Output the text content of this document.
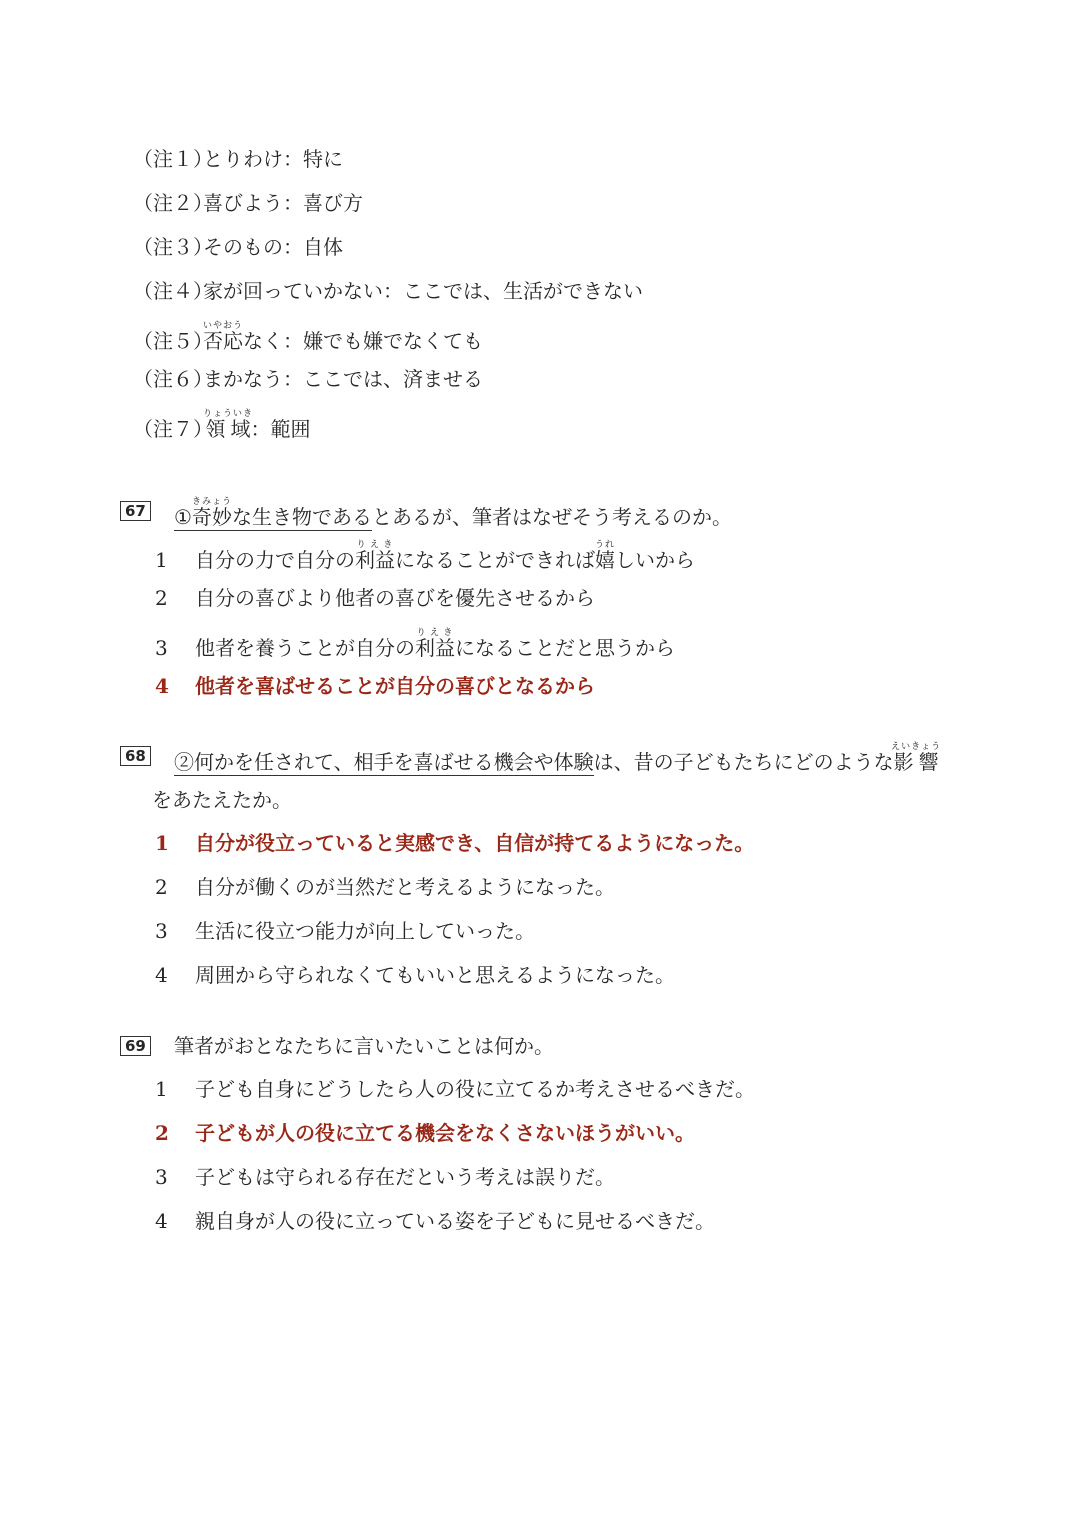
（注１）とりわけ：特に
（注２）喜びよう：喜び方
（注３）そのもの：自体
（注４）家が回っていかない：ここでは、生活ができない
（注５）否応いやおうなく：嫌でも嫌でなくても
（注６）まかなう：ここでは、済ませる
（注７）領域りょういき：範囲
67 ①奇妙きみょうな生き物であるとあるが、筆者はなぜそう考えるのか。
1 自分の力で自分の利益りえきになることができれば嬉うれしいから
2 自分の喜びより他者の喜びを優先させるから
3 他者を養うことが自分の利益りえきになることだと思うから
4 他者を喜ばせることが自分の喜びとなるから
68 ②何かを任されて、相手を喜ばせる機会や体験は、昔の子どもたちにどのような影響えいきょう
をあたえたか。
1 自分が役立っていると実感でき、自信が持てるようになった。
2 自分が働くのが当然だと考えるようになった。
3 生活に役立つ能力が向上していった。
4 周囲から守られなくてもいいと思えるようになった。
69 筆者がおとなたちに言いたいことは何か。
1 子ども自身にどうしたら人の役に立てるか考えさせるべきだ。
2 子どもが人の役に立てる機会をなくさないほうがいい。
3 子どもは守られる存在だという考えは誤りだ。
4 親自身が人の役に立っている姿を子どもに見せるべきだ。
